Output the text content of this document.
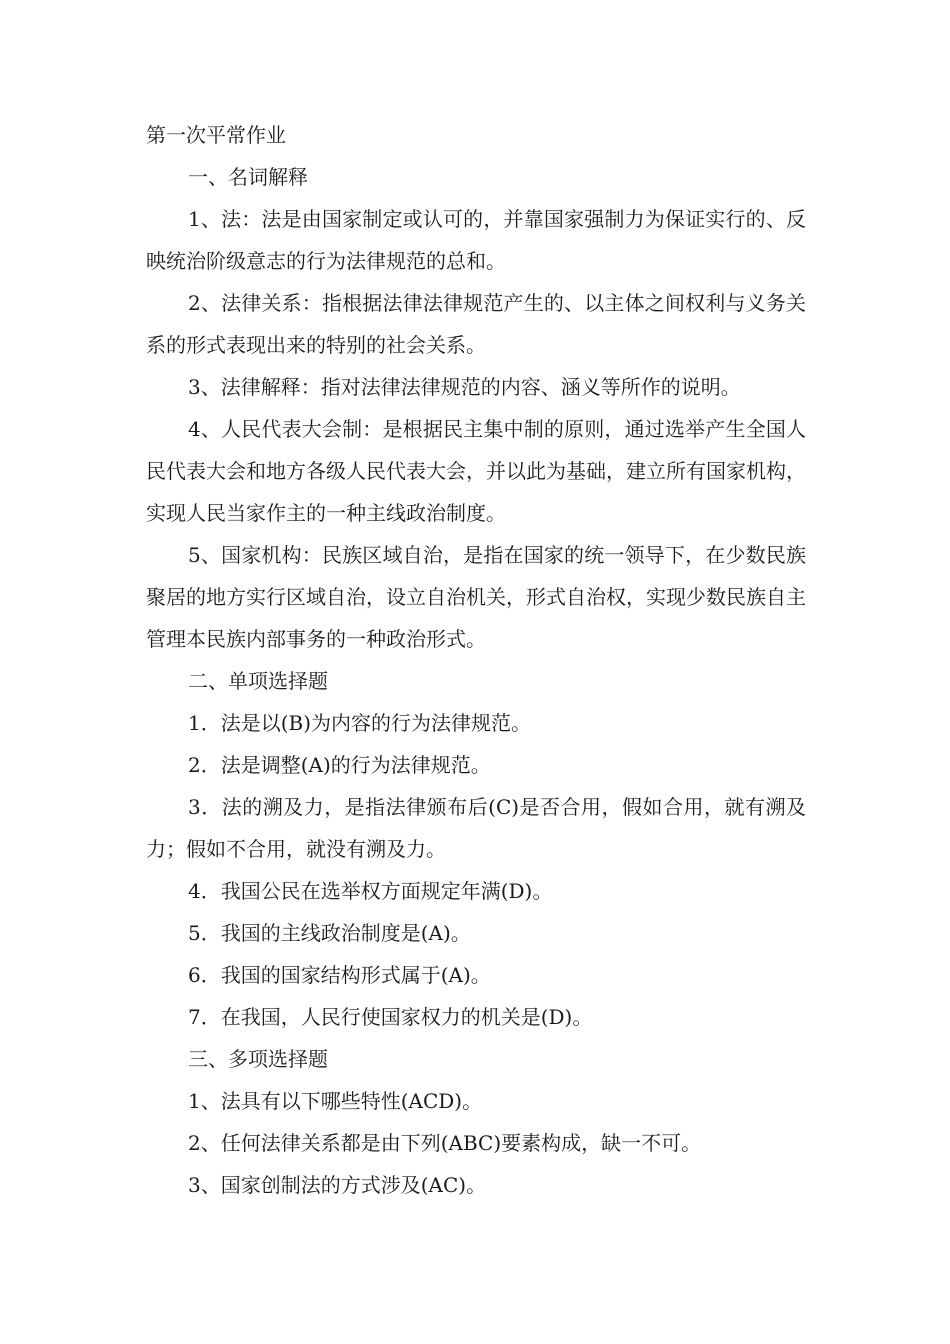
第一次平常作业

一、名词解释

1、法：法是由国家制定或认可的，并靠国家强制力为保证实行的、反映统治阶级意志的行为法律规范的总和。

2、法律关系：指根据法律法律规范产生的、以主体之间权利与义务关系的形式表现出来的特别的社会关系。

3、法律解释：指对法律法律规范的内容、涵义等所作的说明。

4、人民代表大会制：是根据民主集中制的原则，通过选举产生全国人民代表大会和地方各级人民代表大会，并以此为基础，建立所有国家机构，实现人民当家作主的一种主线政治制度。

5、国家机构：民族区域自治，是指在国家的统一领导下，在少数民族聚居的地方实行区域自治，设立自治机关，形式自治权，实现少数民族自主管理本民族内部事务的一种政治形式。

二、单项选择题

1．法是以(B)为内容的行为法律规范。

2．法是调整(A)的行为法律规范。

3．法的溯及力，是指法律颁布后(C)是否合用，假如合用，就有溯及力；假如不合用，就没有溯及力。

4．我国公民在选举权方面规定年满(D)。

5．我国的主线政治制度是(A)。

6．我国的国家结构形式属于(A)。

7．在我国，人民行使国家权力的机关是(D)。

三、多项选择题

1、法具有以下哪些特性(ACD)。

2、任何法律关系都是由下列(ABC)要素构成，缺一不可。

3、国家创制法的方式涉及(AC)。
